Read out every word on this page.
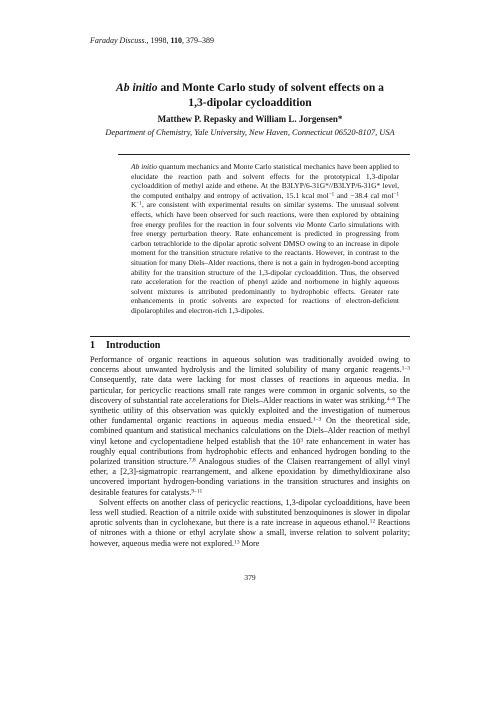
Faraday Discuss., 1998, 110, 379–389
Ab initio and Monte Carlo study of solvent effects on a
1,3-dipolar cycloaddition
Matthew P. Repasky and William L. Jorgensen*
Department of Chemistry, Yale University, New Haven, Connecticut 06520-8107, USA

Ab initio quantum mechanics and Monte Carlo statistical mechanics have been applied to elucidate the reaction path and solvent effects for the prototypical 1,3-dipolar cycloaddition of methyl azide and ethene. At the B3LYP/6-31G*//B3LYP/6-31G* level, the computed enthalpy and entropy of activation, 15.1 kcal mol$^{-1}$ and −38.4 cal mol$^{-1}$ $K^{-1}$, are consistent with experimental results on similar systems. The unusual solvent effects, which have been observed for such reactions, were then explored by obtaining free energy profiles for the reaction in four solvents via Monte Carlo simulations with free energy perturbation theory. Rate enhancement is predicted in progressing from carbon tetrachloride to the dipolar aprotic solvent DMSO owing to an increase in dipole moment for the transition structure relative to the reactants. However, in contrast to the situation for many Diels–Alder reactions, there is not a gain in hydrogen-bond accepting ability for the transition structure of the 1,3-dipolar cycloaddition. Thus, the observed rate acceleration for the reaction of phenyl azide and norbornene in highly aqueous solvent mixtures is attributed predominantly to hydrophobic effects. Greater rate enhancements in protic solvents are expected for reactions of electron-deficient dipolarophiles and electron-rich 1,3-dipoles.

1 Introduction

Performance of organic reactions in aqueous solution was traditionally avoided owing to concerns about unwanted hydrolysis and the limited solubility of many organic reagents.$^{1-3}$ Consequently, rate data were lacking for most classes of reactions in aqueous media. In particular, for pericyclic reactions small rate ranges were common in organic solvents, so the discovery of substantial rate accelerations for Diels–Alder reactions in water was striking.$^{4-6}$ The synthetic utility of this observation was quickly exploited and the investigation of numerous other fundamental organic reactions in aqueous media ensued.$^{1-3}$ On the theoretical side, combined quantum and statistical mechanics calculations on the Diels–Alder reaction of methyl vinyl ketone and cyclopentadiene helped establish that the $10^3$ rate enhancement in water has roughly equal contributions from hydrophobic effects and enhanced hydrogen bonding to the polarized transition structure.$^{7,8}$ Analogous studies of the Claisen rearrangement of allyl vinyl ether, a [2,3]-sigmatropic rearrangement, and alkene epoxidation by dimethyldioxirane also uncovered important hydrogen-bonding variations in the transition structures and insights on desirable features for catalysts.$^{9-11}$

Solvent effects on another class of pericyclic reactions, 1,3-dipolar cycloadditions, have been less well studied. Reaction of a nitrile oxide with substituted benzoquinones is slower in dipolar aprotic solvents than in cyclohexane, but there is a rate increase in aqueous ethanol.$^{12}$ Reactions of nitrones with a thione or ethyl acrylate show a small, inverse relation to solvent polarity; however, aqueous media were not explored.$^{13}$ More

379
